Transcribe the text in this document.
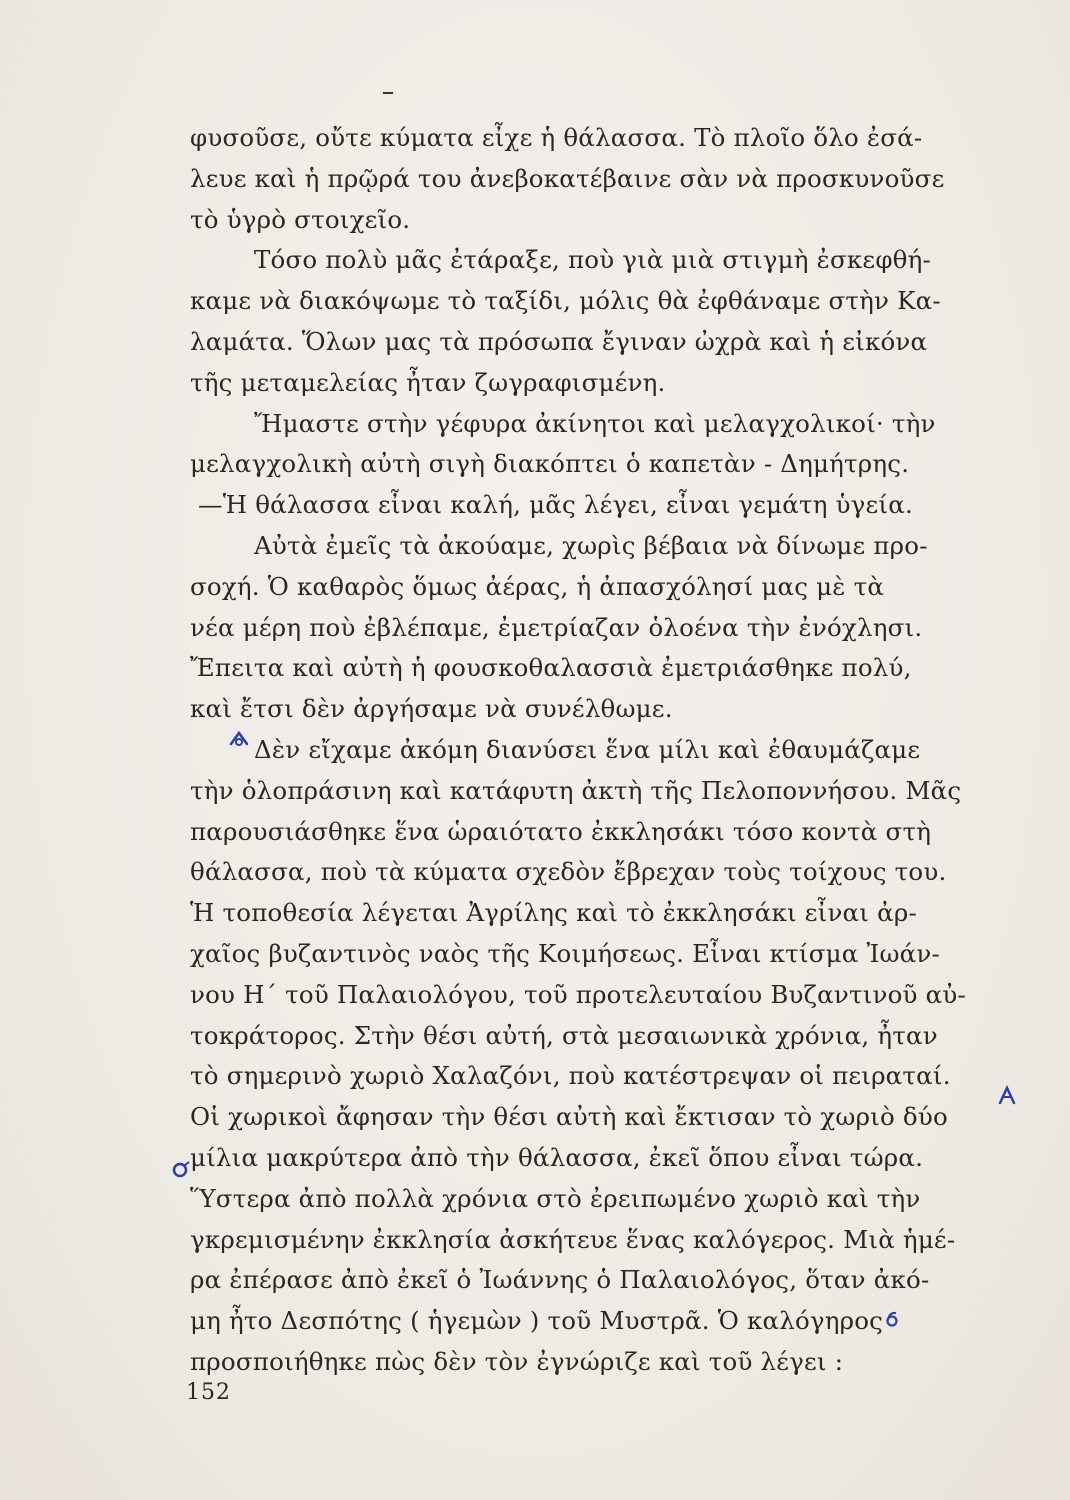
φυσοῦσε, οὔτε κύματα εἶχε ἡ θάλασσα. Τὸ πλοῖο ὅλο ἐσά-
λευε καὶ ἡ πρῷρά του ἀνεβοκατέβαινε σὰν νὰ προσκυνοῦσε
τὸ ὑγρὸ στοιχεῖο.
Τόσο πολὺ μᾶς ἐτάραξε, ποὺ γιὰ μιὰ στιγμὴ ἐσκεφθή-
καμε νὰ διακόψωμε τὸ ταξίδι, μόλις θὰ ἐφθάναμε στὴν Κα-
λαμάτα. Ὅλων μας τὰ πρόσωπα ἔγιναν ὠχρὰ καὶ ἡ εἰκόνα
τῆς μεταμελείας ἦταν ζωγραφισμένη.
Ἤμαστε στὴν γέφυρα ἀκίνητοι καὶ μελαγχολικοί· τὴν
μελαγχολικὴ αὐτὴ σιγὴ διακόπτει ὁ καπετὰν - Δημήτρης.
—Ἡ θάλασσα εἶναι καλή, μᾶς λέγει, εἶναι γεμάτη ὑγεία.
Αὐτὰ ἐμεῖς τὰ ἀκούαμε, χωρὶς βέβαια νὰ δίνωμε προ-
σοχή. Ὁ καθαρὸς ὅμως ἀέρας, ἡ ἀπασχόλησί μας μὲ τὰ
νέα μέρη ποὺ ἐβλέπαμε, ἐμετρίαζαν ὁλοένα τὴν ἐνόχλησι.
Ἔπειτα καὶ αὐτὴ ἡ φουσκοθαλασσιὰ ἐμετριάσθηκε πολύ,
καὶ ἔτσι δὲν ἀργήσαμε νὰ συνέλθωμε.
Δὲν εἴχαμε ἀκόμη διανύσει ἕνα μίλι καὶ ἐθαυμάζαμε
τὴν ὁλοπράσινη καὶ κατάφυτη ἀκτὴ τῆς Πελοποννήσου. Μᾶς
παρουσιάσθηκε ἕνα ὡραιότατο ἐκκλησάκι τόσο κοντὰ στὴ
θάλασσα, ποὺ τὰ κύματα σχεδὸν ἔβρεχαν τοὺς τοίχους του.
Ἡ τοποθεσία λέγεται Ἀγρίλης καὶ τὸ ἐκκλησάκι εἶναι ἀρ-
χαῖος βυζαντινὸς ναὸς τῆς Κοιμήσεως. Εἶναι κτίσμα Ἰωάν-
νου Η΄ τοῦ Παλαιολόγου, τοῦ προτελευταίου Βυζαντινοῦ αὐ-
τοκράτορος. Στὴν θέσι αὐτή, στὰ μεσαιωνικὰ χρόνια, ἦταν
τὸ σημερινὸ χωριὸ Χαλαζόνι, ποὺ κατέστρεψαν οἱ πειραταί.
Οἱ χωρικοὶ ἄφησαν τὴν θέσι αὐτὴ καὶ ἔκτισαν τὸ χωριὸ δύο
μίλια μακρύτερα ἀπὸ τὴν θάλασσα, ἐκεῖ ὅπου εἶναι τώρα.
Ὕστερα ἀπὸ πολλὰ χρόνια στὸ ἐρειπωμένο χωριὸ καὶ τὴν
γκρεμισμένην ἐκκλησία ἀσκήτευε ἕνας καλόγερος. Μιὰ ἡμέ-
ρα ἐπέρασε ἀπὸ ἐκεῖ ὁ Ἰωάννης ὁ Παλαιολόγος, ὅταν ἀκό-
μη ἦτο Δεσπότης ( ἡγεμὼν ) τοῦ Μυστρᾶ. Ὁ καλόγηρος
προσποιήθηκε πὼς δὲν τὸν ἐγνώριζε καὶ τοῦ λέγει :
152
